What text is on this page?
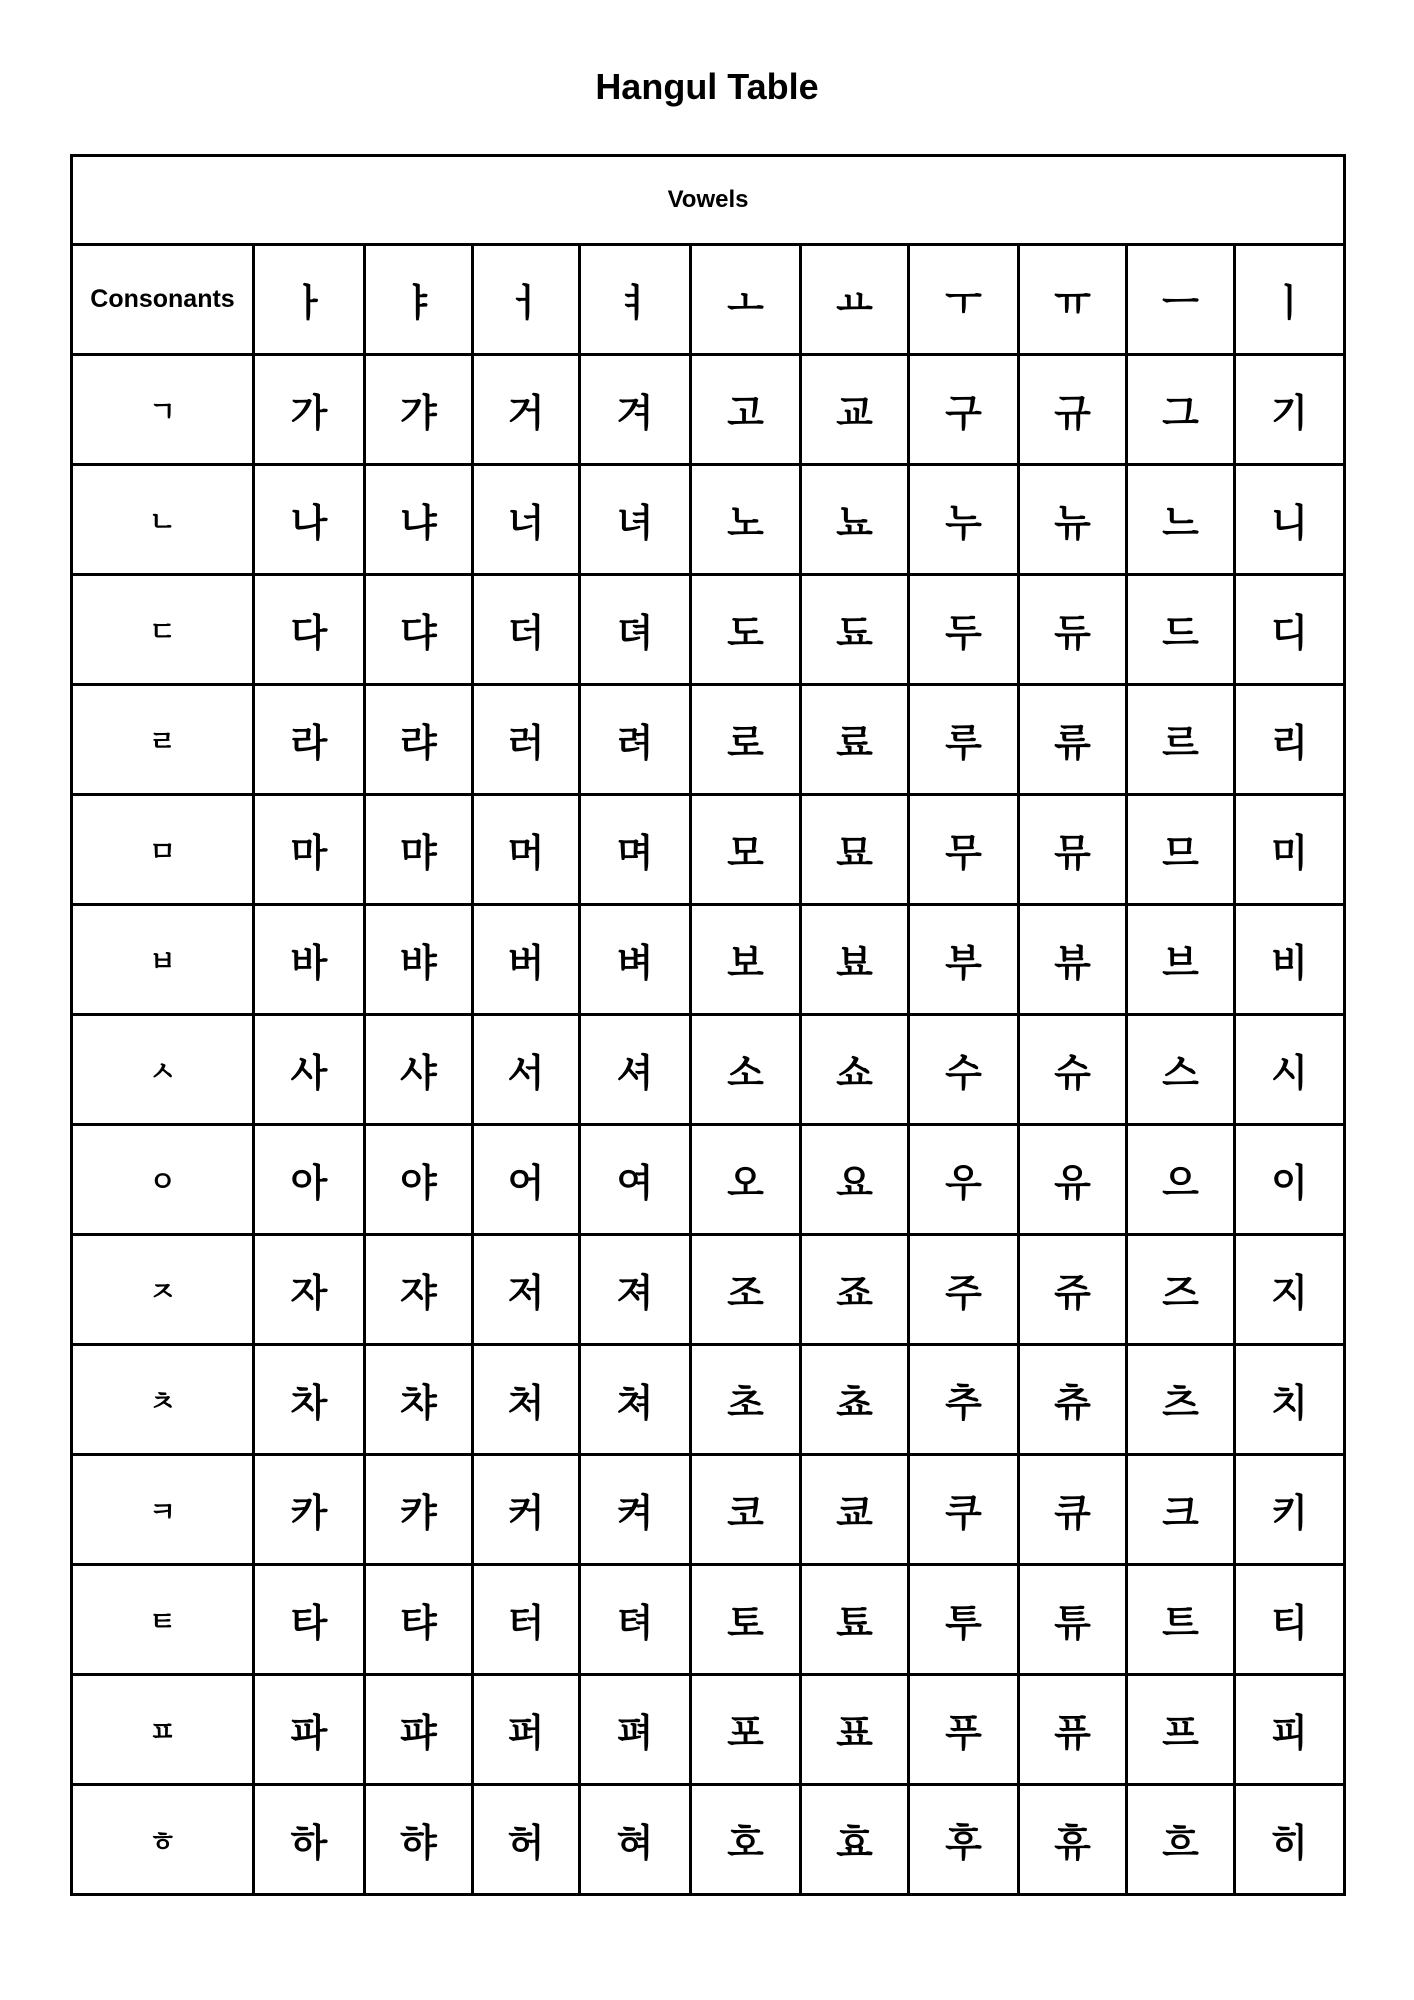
Hangul Table
Vowels										
Consonants	ㅏ	ㅑ	ㅓ	ㅕ	ㅗ	ㅛ	ㅜ	ㅠ	ㅡ	ㅣ
ㄱ	가	갸	거	겨	고	교	구	규	그	기
ㄴ	나	냐	너	녀	노	뇨	누	뉴	느	니
ㄷ	다	댜	더	뎌	도	됴	두	듀	드	디
ㄹ	라	랴	러	려	로	료	루	류	르	리
ㅁ	마	먀	머	며	모	묘	무	뮤	므	미
ㅂ	바	뱌	버	벼	보	뵤	부	뷰	브	비
ㅅ	사	샤	서	셔	소	쇼	수	슈	스	시
ㅇ	아	야	어	여	오	요	우	유	으	이
ㅈ	자	쟈	저	져	조	죠	주	쥬	즈	지
ㅊ	차	챠	처	쳐	초	쵸	추	츄	츠	치
ㅋ	카	캬	커	켜	코	쿄	쿠	큐	크	키
ㅌ	타	탸	터	텨	토	툐	투	튜	트	티
ㅍ	파	퍄	퍼	펴	포	표	푸	퓨	프	피
ㅎ	하	햐	허	혀	호	효	후	휴	흐	히
